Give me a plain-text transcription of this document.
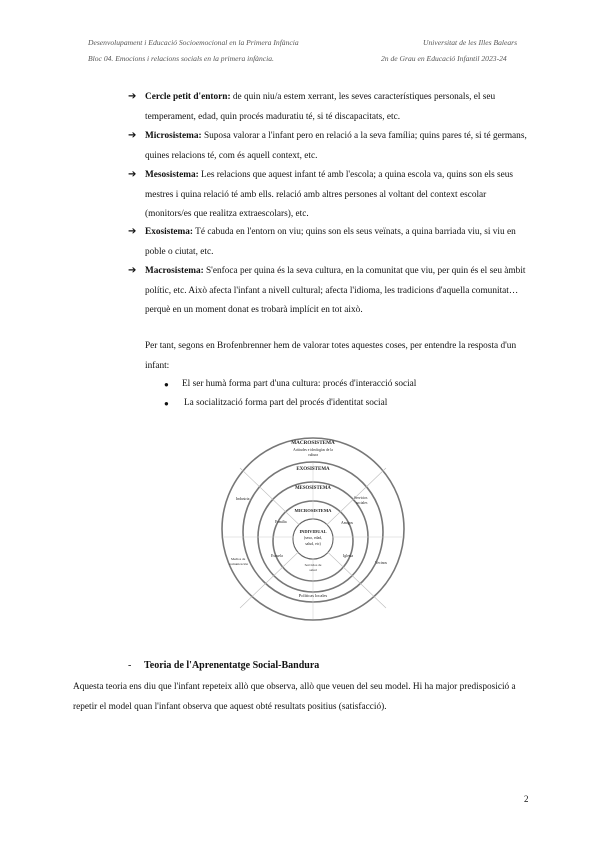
Desenvolupament i Educació Socioemocional en la Primera Infància
Bloc 04. Emocions i relacions socials en la primera infància.
Universitat de les Illes Balears
2n de Grau en Educació Infantil 2023-24
➔ Cercle petit d'entorn: de quin niu/a estem xerrant, les seves característiques personals, el seu temperament, edad, quin procés maduratiu té, si té discapacitats, etc.
➔ Microsistema: Suposa valorar a l'infant pero en relació a la seva família; quins pares té, si té germans, quines relacions té, com és aquell context, etc.
➔ Mesosistema: Les relacions que aquest infant té amb l'escola; a quina escola va, quins son els seus mestres i quina relació té amb ells. relació amb altres persones al voltant del context escolar (monitors/es que realitza extraescolars), etc.
➔ Exosistema: Té cabuda en l'entorn on viu; quins son els seus veïnats, a quina barriada viu, si viu en poble o ciutat, etc.
➔ Macrosistema: S'enfoca per quina és la seva cultura, en la comunitat que viu, per quin és el seu àmbit polític, etc. Això afecta l'infant a nivell cultural; afecta l'idioma, les tradicions d'aquella comunitat… perquè en un moment donat es trobarà implícit en tot això.
Per tant, segons en Brofenbrenner hem de valorar totes aquestes coses, per entendre la resposta d'un infant:
● El ser humà forma part d'una cultura: procés d'interacció social
● La socialització forma part del procés d'identitat social
MACROSISTEMA
Actitudes e ideologías de la
cultura
EXOSISTEMA
MESOSISTEMA
MICROSISTEMA
INDIVIDUAL
(sexo, edad,
salud, etc)
Familia	Amigos
Escuela	Iglesia
Servicios de
salud
Industria	Servicios
sociales
Medios de
comunicación	Vecinos
Políticas locales
- Teoria de l'Aprenentatge Social-Bandura
Aquesta teoria ens diu que l'infant repeteix allò que observa, allò que veuen del seu model. Hi ha major predisposició a repetir el model quan l'infant observa que aquest obté resultats positius (satisfacció).
2
